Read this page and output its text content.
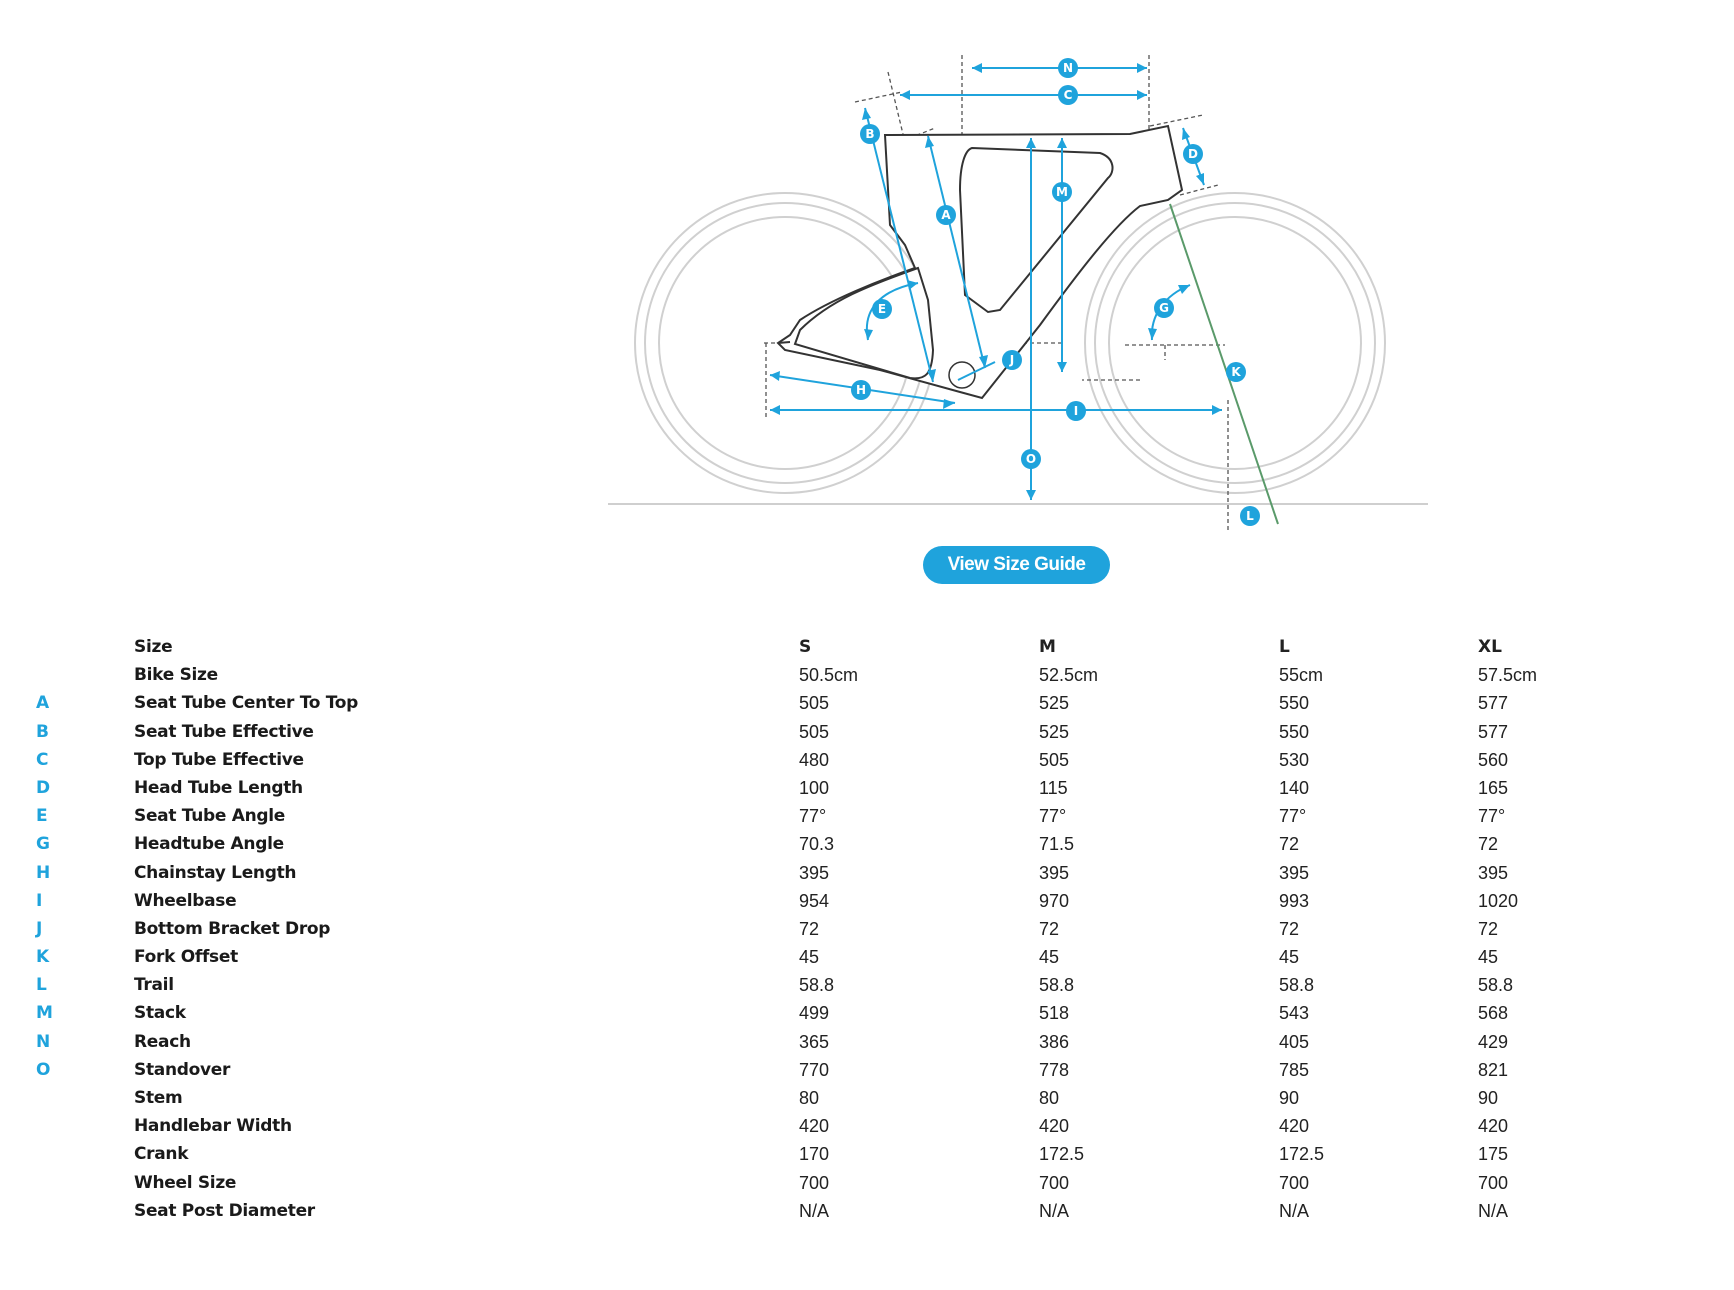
N
C
B
D
A
M
E	G
K
J
H
I
O
L
View Size Guide
Size	S	M	L	XL
Bike Size	50.5cm	52.5cm	55cm	57.5cm
A	Seat Tube Center To Top	505	525	550	577
B	Seat Tube Effective	505	525	550	577
C	Top Tube Effective	480	505	530	560
D	Head Tube Length	100	115	140	165
E	Seat Tube Angle	77°	77°	77°	77°
G	Headtube Angle	70.3	71.5	72	72
H	Chainstay Length	395	395	395	395
I	Wheelbase	954	970	993	1020
J	Bottom Bracket Drop	72	72	72	72
K	Fork Offset	45	45	45	45
L	Trail	58.8	58.8	58.8	58.8
M	Stack	499	518	543	568
N	Reach	365	386	405	429
O	Standover	770	778	785	821
Stem	80	80	90	90
Handlebar Width	420	420	420	420
Crank	170	172.5	172.5	175
Wheel Size	700	700	700	700
Seat Post Diameter	N/A	N/A	N/A	N/A
